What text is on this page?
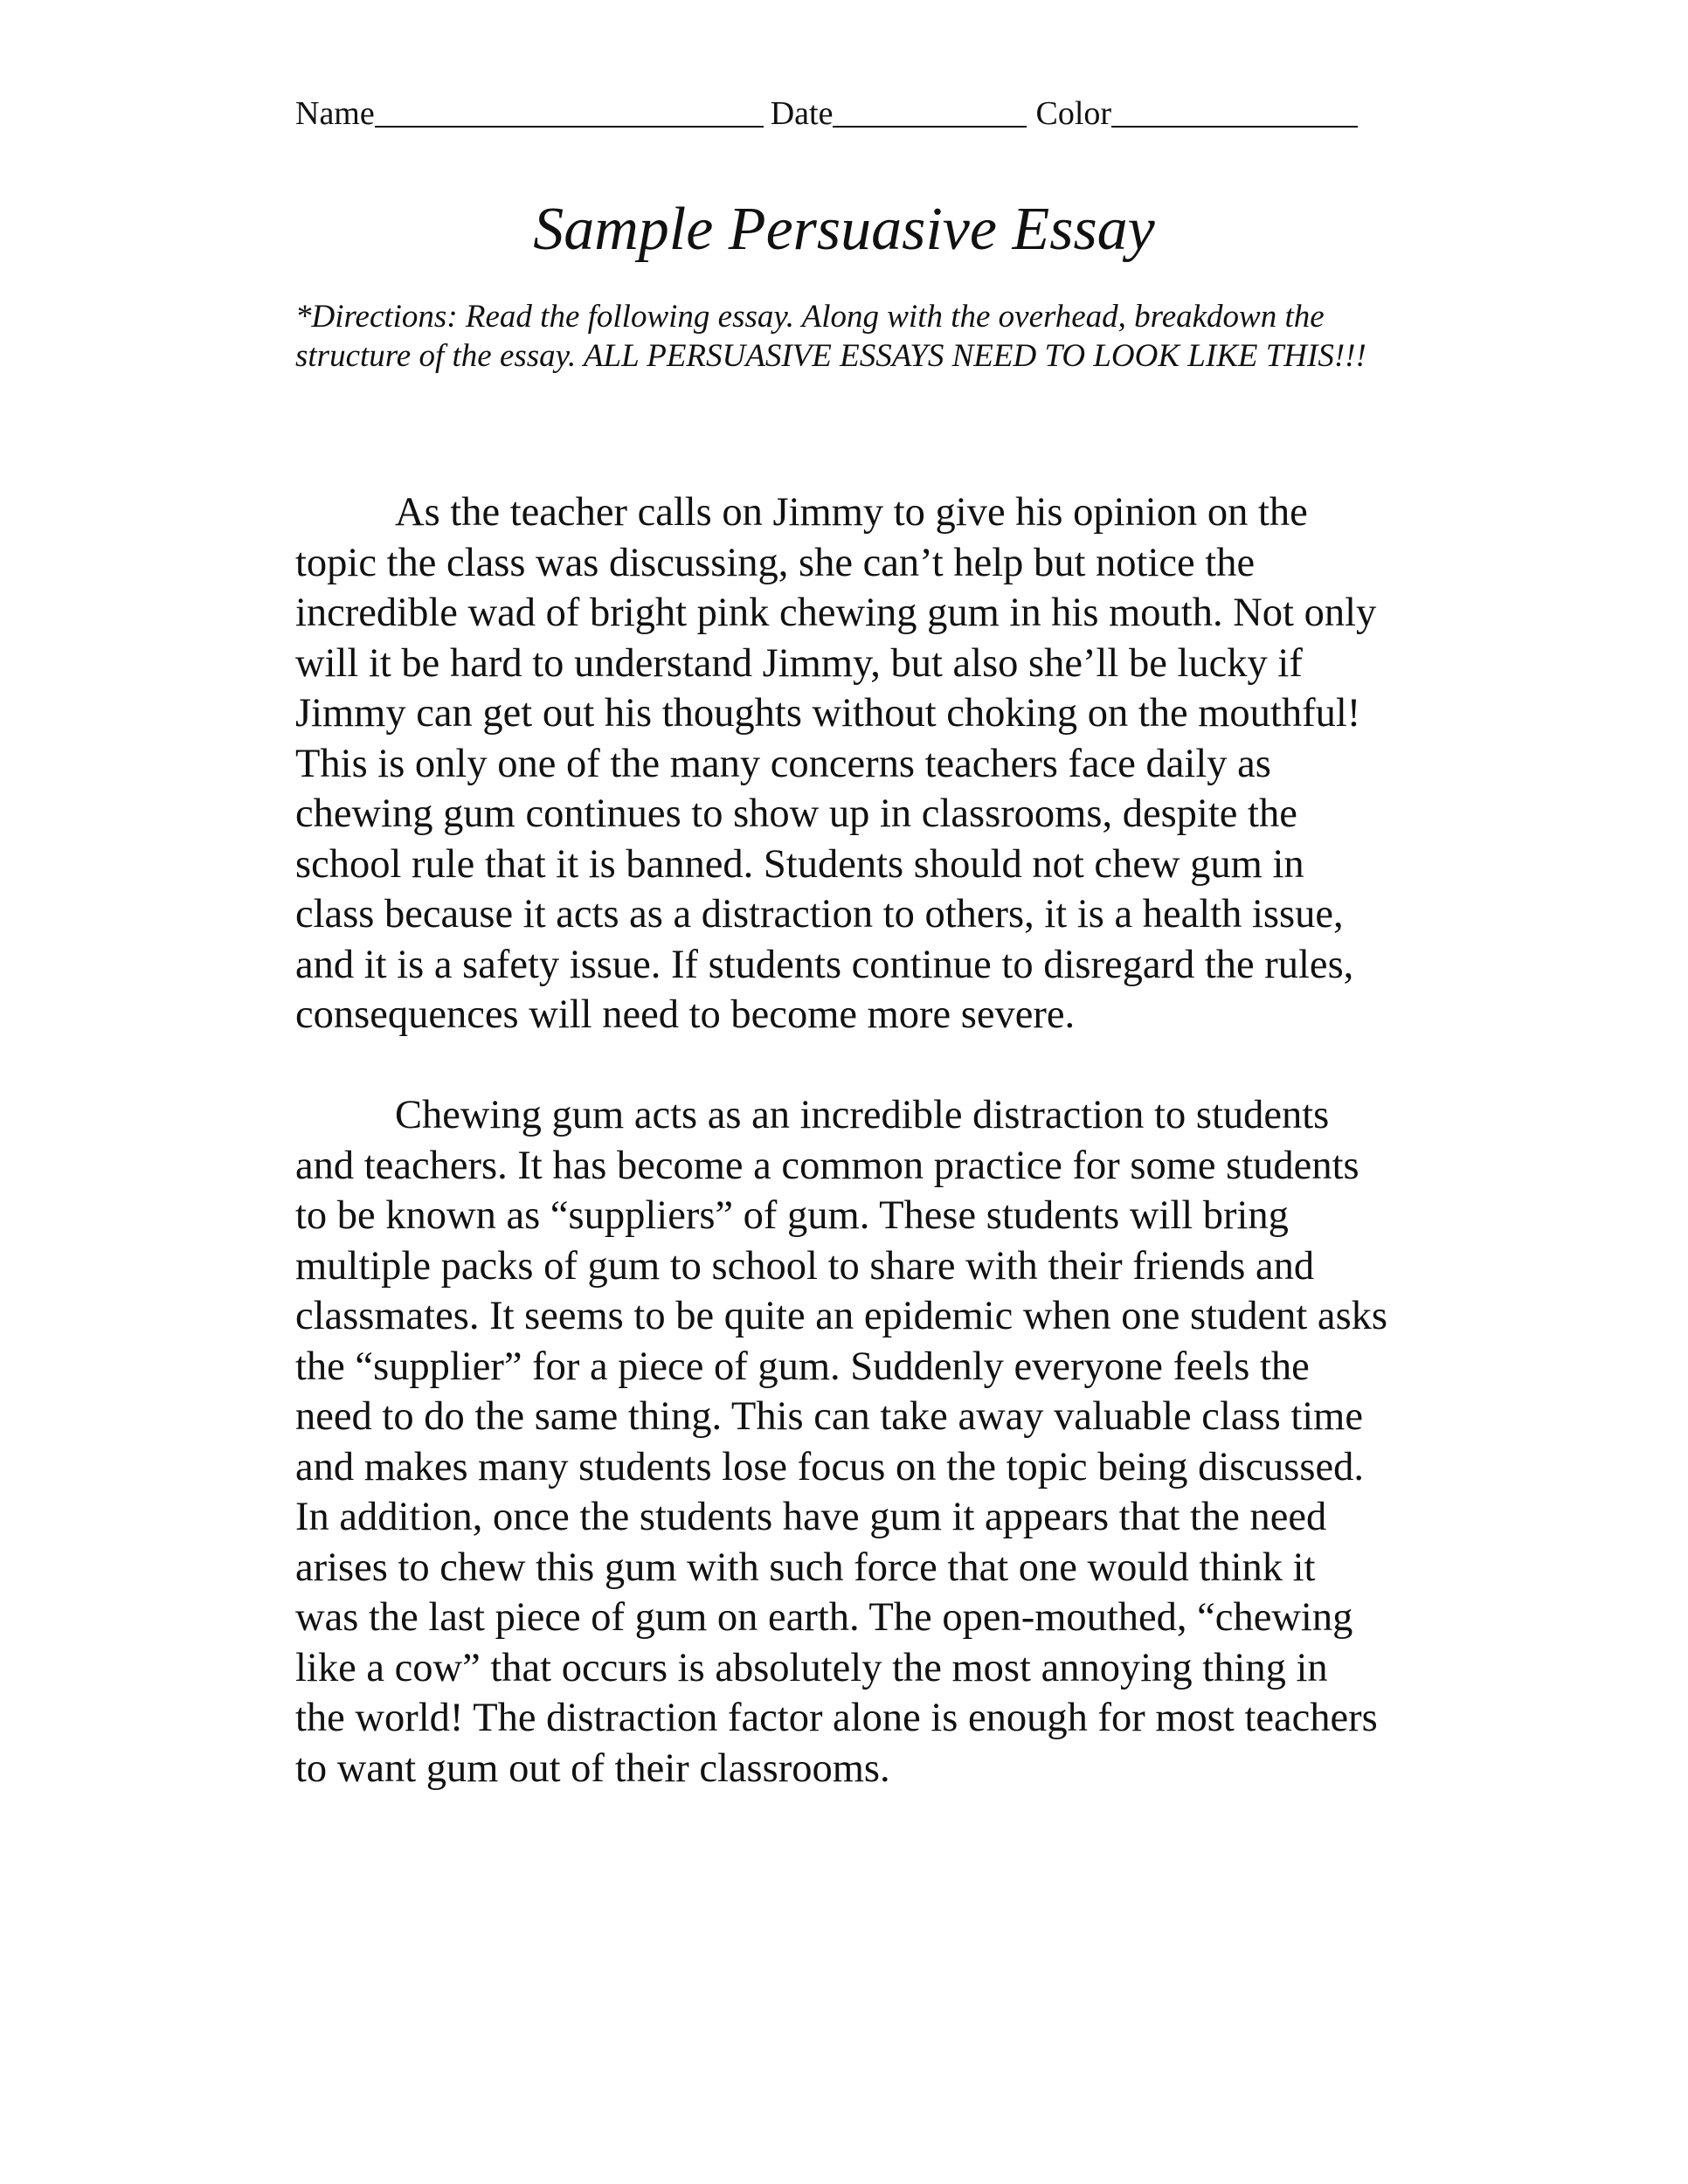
Name	Date	Color
Sample Persuasive Essay

*Directions: Read the following essay. Along with the overhead, breakdown the structure of the essay. ALL PERSUASIVE ESSAYS NEED TO LOOK LIKE THIS!!!

As the teacher calls on Jimmy to give his opinion on the topic the class was discussing, she can’t help but notice the incredible wad of bright pink chewing gum in his mouth. Not only will it be hard to understand Jimmy, but also she’ll be lucky if Jimmy can get out his thoughts without choking on the mouthful! This is only one of the many concerns teachers face daily as chewing gum continues to show up in classrooms, despite the school rule that it is banned. Students should not chew gum in class because it acts as a distraction to others, it is a health issue, and it is a safety issue. If students continue to disregard the rules, consequences will need to become more severe.

Chewing gum acts as an incredible distraction to students and teachers. It has become a common practice for some students to be known as “suppliers” of gum. These students will bring multiple packs of gum to school to share with their friends and classmates. It seems to be quite an epidemic when one student asks the “supplier” for a piece of gum. Suddenly everyone feels the need to do the same thing. This can take away valuable class time and makes many students lose focus on the topic being discussed. In addition, once the students have gum it appears that the need arises to chew this gum with such force that one would think it was the last piece of gum on earth. The open-mouthed, “chewing like a cow” that occurs is absolutely the most annoying thing in the world! The distraction factor alone is enough for most teachers to want gum out of their classrooms.
